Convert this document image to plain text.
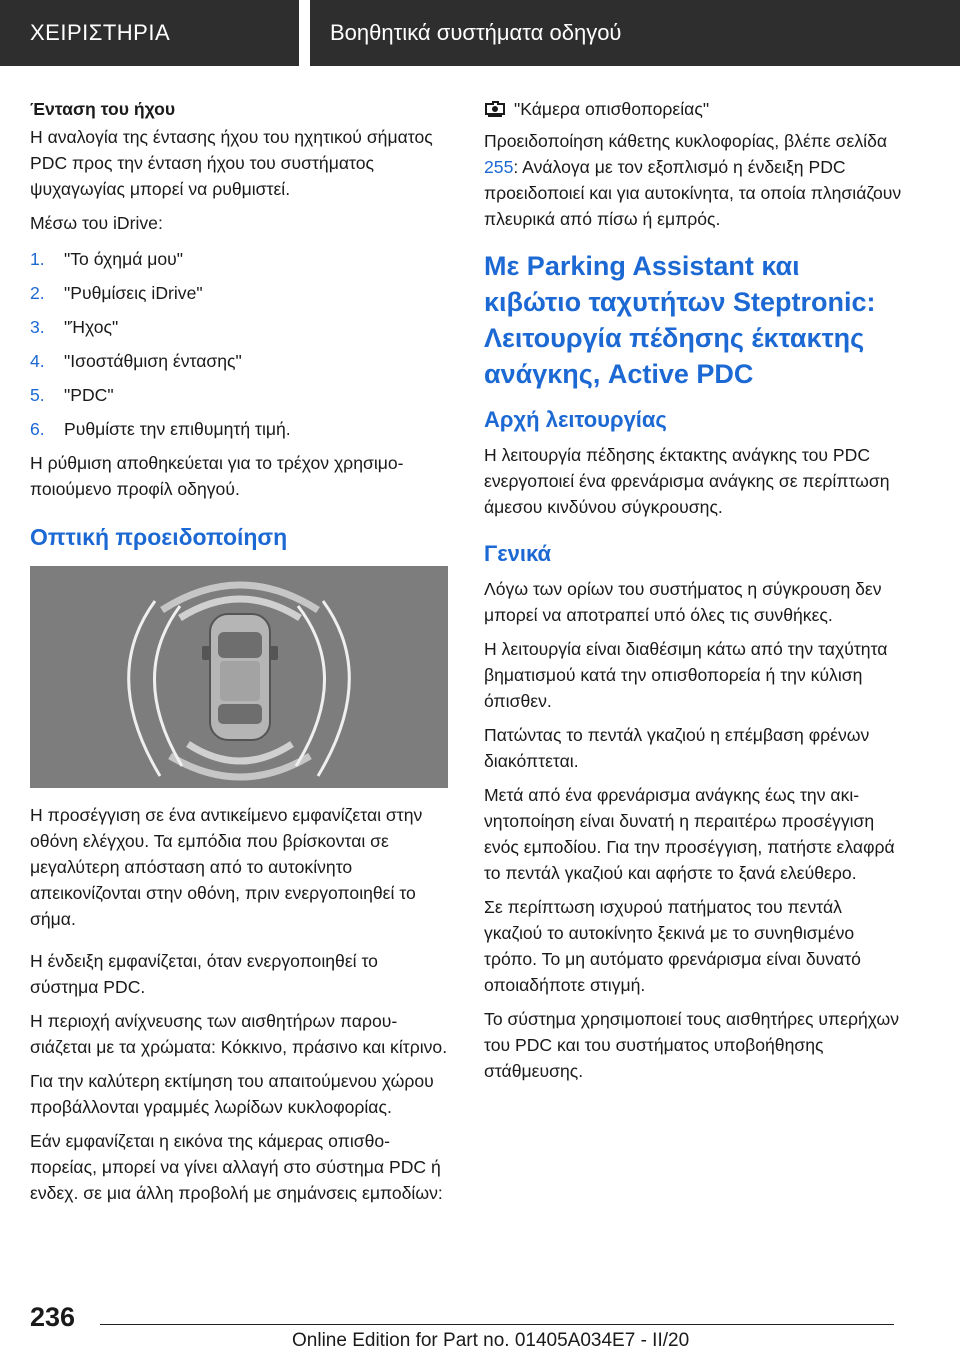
ΧΕΙΡΙΣΤΗΡΙΑ	Βοηθητικά συστήματα οδηγού

Ένταση του ήχου

Η αναλογία της έντασης ήχου του ηχητικού σήματος PDC προς την ένταση ήχου του συστήματος ψυχαγωγίας μπορεί να ρυθμιστεί.

Μέσω του iDrive:

1.	"Το όχημά μου"
2.	"Ρυθμίσεις iDrive"
3.	"Ήχος"
4.	"Ισοστάθμιση έντασης"
5.	"PDC"
6.	Ρυθμίστε την επιθυμητή τιμή.

Η ρύθμιση αποθηκεύεται για το τρέχον χρησιμοποιούμενο προφίλ οδηγού.

Οπτική προειδοποίηση

Η προσέγγιση σε ένα αντικείμενο εμφανίζεται στην οθόνη ελέγχου. Τα εμπόδια που βρίσκονται σε μεγαλύτερη απόσταση από το αυτοκίνητο απεικονίζονται στην οθόνη, πριν ενεργοποιηθεί το σήμα.

Η ένδειξη εμφανίζεται, όταν ενεργοποιηθεί το σύστημα PDC.

Η περιοχή ανίχνευσης των αισθητήρων παρουσιάζεται με τα χρώματα: Κόκκινο, πράσινο και κίτρινο.

Για την καλύτερη εκτίμηση του απαιτούμενου χώρου προβάλλονται γραμμές λωρίδων κυκλοφορίας.

Εάν εμφανίζεται η εικόνα της κάμερας οπισθοπορείας, μπορεί να γίνει αλλαγή στο σύστημα PDC ή ενδεχ. σε μια άλλη προβολή με σημάνσεις εμποδίων:

"Κάμερα οπισθοπορείας"

Προειδοποίηση κάθετης κυκλοφορίας, βλέπε σελίδα 255: Ανάλογα με τον εξοπλισμό η ένδειξη PDC προειδοποιεί και για αυτοκίνητα, τα οποία πλησιάζουν πλευρικά από πίσω ή εμπρός.

Με Parking Assistant και κιβώτιο ταχυτήτων Steptronic: Λειτουργία πέδησης έκτακτης ανάγκης, Active PDC
Αρχή λειτουργίας

Η λειτουργία πέδησης έκτακτης ανάγκης του PDC ενεργοποιεί ένα φρενάρισμα ανάγκης σε περίπτωση άμεσου κινδύνου σύγκρουσης.

Γενικά

Λόγω των ορίων του συστήματος η σύγκρουση δεν μπορεί να αποτραπεί υπό όλες τις συνθήκες.

Η λειτουργία είναι διαθέσιμη κάτω από την ταχύτητα βηματισμού κατά την οπισθοπορεία ή την κύλιση όπισθεν.

Πατώντας το πεντάλ γκαζιού η επέμβαση φρένων διακόπτεται.

Μετά από ένα φρενάρισμα ανάγκης έως την ακινητοποίηση είναι δυνατή η περαιτέρω προσέγγιση ενός εμποδίου. Για την προσέγγιση, πατήστε ελαφρά το πεντάλ γκαζιού και αφήστε το ξανά ελεύθερο.

Σε περίπτωση ισχυρού πατήματος του πεντάλ γκαζιού το αυτοκίνητο ξεκινά με το συνηθισμένο τρόπο. Το μη αυτόματο φρενάρισμα είναι δυνατό οποιαδήποτε στιγμή.

Το σύστημα χρησιμοποιεί τους αισθητήρες υπερήχων του PDC και του συστήματος υποβοήθησης στάθμευσης.

236
Online Edition for Part no. 01405A034E7 - II/20
